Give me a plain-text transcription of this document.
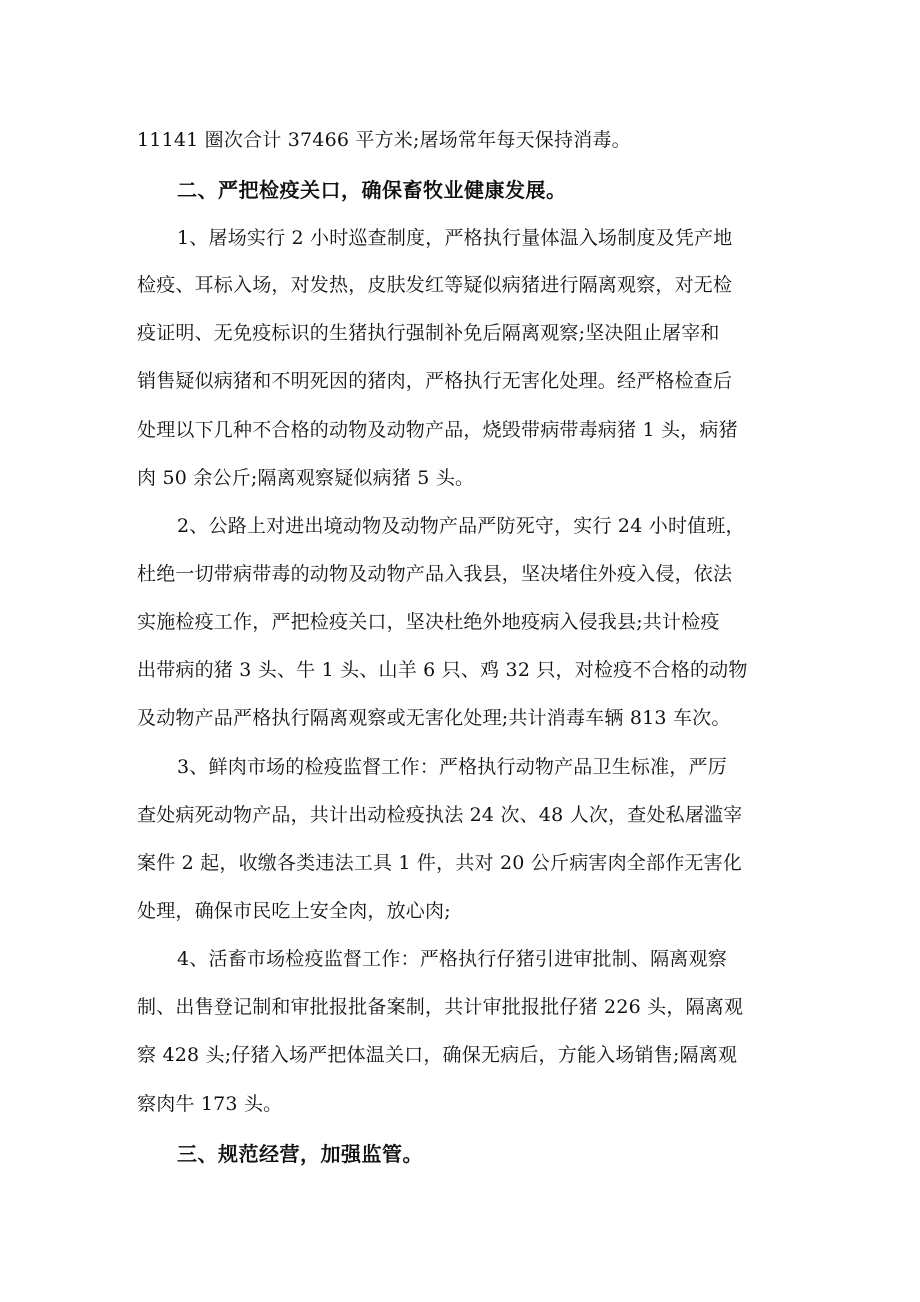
11141 圈次合计 37466 平方米;屠场常年每天保持消毒。
二、严把检疫关口，确保畜牧业健康发展。
1、屠场实行 2 小时巡查制度，严格执行量体温入场制度及凭产地
检疫、耳标入场，对发热，皮肤发红等疑似病猪进行隔离观察，对无检
疫证明、无免疫标识的生猪执行强制补免后隔离观察;坚决阻止屠宰和
销售疑似病猪和不明死因的猪肉，严格执行无害化处理。经严格检查后
处理以下几种不合格的动物及动物产品，烧毁带病带毒病猪 1 头，病猪
肉 50 余公斤;隔离观察疑似病猪 5 头。
2、公路上对进出境动物及动物产品严防死守，实行 24 小时值班，
杜绝一切带病带毒的动物及动物产品入我县，坚决堵住外疫入侵，依法
实施检疫工作，严把检疫关口，坚决杜绝外地疫病入侵我县;共计检疫
出带病的猪 3 头、牛 1 头、山羊 6 只、鸡 32 只，对检疫不合格的动物
及动物产品严格执行隔离观察或无害化处理;共计消毒车辆 813 车次。
3、鲜肉市场的检疫监督工作：严格执行动物产品卫生标准，严厉
查处病死动物产品，共计出动检疫执法 24 次、48 人次，查处私屠滥宰
案件 2 起，收缴各类违法工具 1 件，共对 20 公斤病害肉全部作无害化
处理，确保市民吃上安全肉，放心肉;
4、活畜市场检疫监督工作：严格执行仔猪引进审批制、隔离观察
制、出售登记制和审批报批备案制，共计审批报批仔猪 226 头，隔离观
察 428 头;仔猪入场严把体温关口，确保无病后，方能入场销售;隔离观
察肉牛 173 头。
三、规范经营，加强监管。
